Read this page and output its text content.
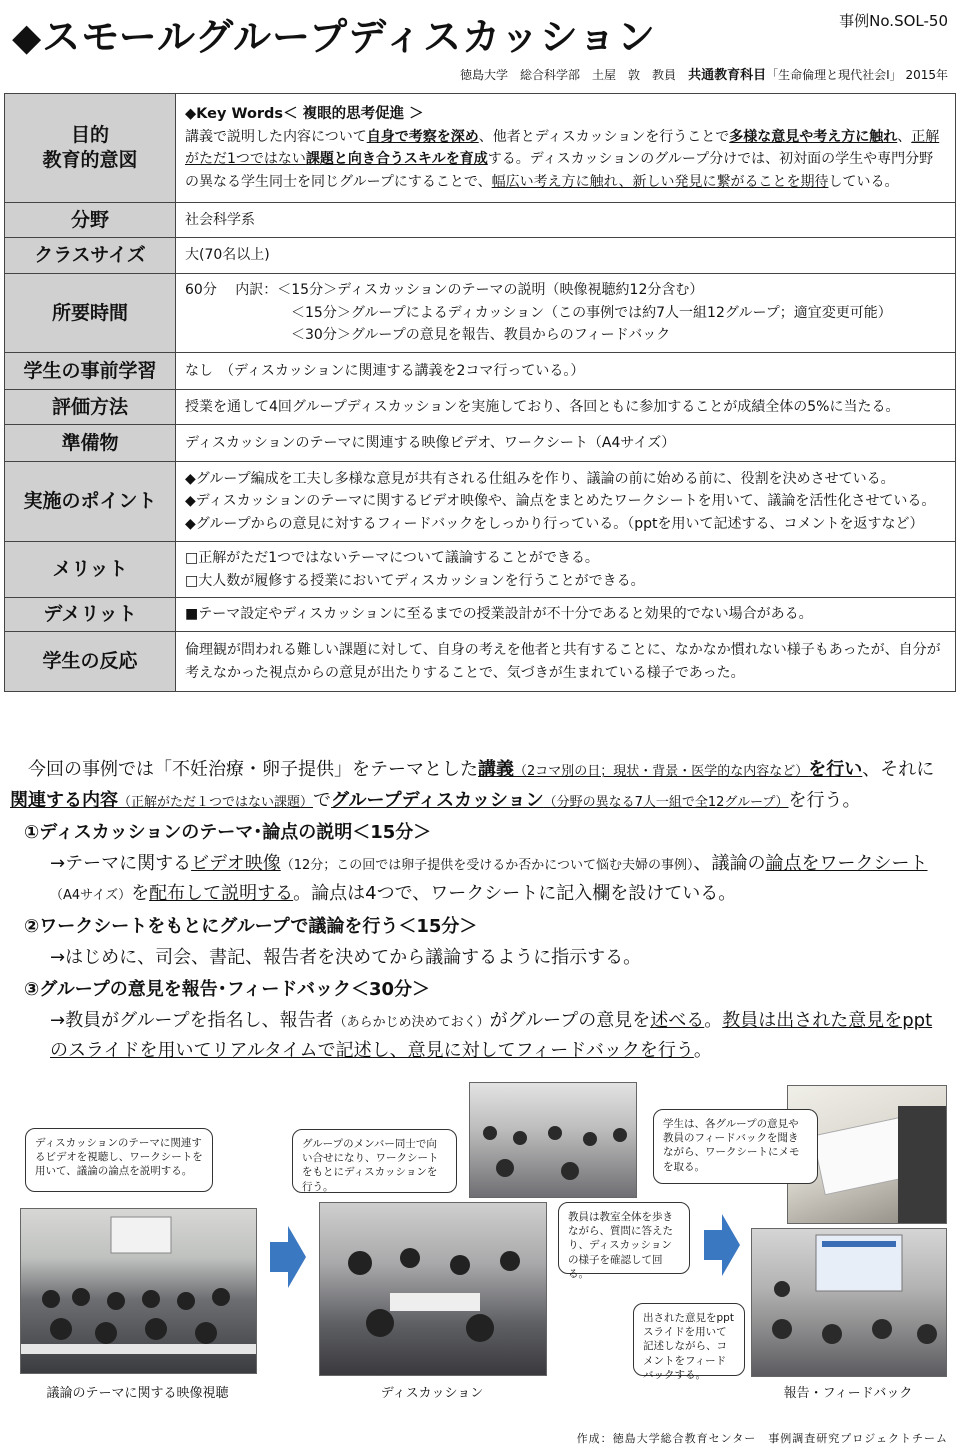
◆スモールグループディスカッション	事例No.SOL-50
徳島大学　総合科学部　土屋　敦　教員　 共通教育科目「生命倫理と現代社会Ⅰ」 2015年
目的
教育的意図	◆Key Words＜ 複眼的思考促進 ＞
講義で説明した内容について自身で考察を深め、他者とディスカッションを行うことで多様な意見や考え方に触れ、正解がただ1つではない課題と向き合うスキルを育成する。ディスカッションのグループ分けでは、初対面の学生や専門分野の異なる学生同士を同じグループにすることで、幅広い考え方に触れ、新しい発見に繋がることを期待している。
分野	社会科学系
クラスサイズ	大(70名以上)
所要時間	60分　 内訳：＜15分＞ディスカッションのテーマの説明（映像視聴約12分含む）
＜15分＞グループによるディカッション（この事例では約7人一組12グループ；適宜変更可能）
＜30分＞グループの意見を報告、教員からのフィードバック

学生の事前学習	なし　（ディスカッションに関連する講義を2コマ行っている。）
評価方法	授業を通して4回グループディスカッションを実施しており、各回ともに参加することが成績全体の5%に当たる。
準備物	ディスカッションのテーマに関連する映像ビデオ、ワークシート（A4サイズ）
実施のポイント	◆グループ編成を工夫し多様な意見が共有される仕組みを作り、議論の前に始める前に、役割を決めさせている。
◆ディスカッションのテーマに関するビデオ映像や、論点をまとめたワークシートを用いて、議論を活性化させている。
◆グループからの意見に対するフィードバックをしっかり行っている。（pptを用いて記述する、コメントを返すなど）

メリット	□正解がただ1つではないテーマについて議論することができる。
□大人数が履修する授業においてディスカッションを行うことができる。

デメリット	■テーマ設定やディスカッションに至るまでの授業設計が不十分であると効果的でない場合がある。
学生の反応	倫理観が問われる難しい課題に対して、自身の考えを他者と共有することに、なかなか慣れない様子もあったが、自分が考えなかった視点からの意見が出たりすることで、気づきが生まれている様子であった。

今回の事例では「不妊治療・卵子提供」をテーマとした講義（2コマ別の日；現状・背景・医学的な内容など）を行い、それに関連する内容（正解がただ１つではない課題）でグループディスカッション（分野の異なる7人一組で全12グループ）を行う。

①ディスカッションのテーマ･論点の説明＜15分＞

→テーマに関するビデオ映像（12分；この回では卵子提供を受けるか否かについて悩む夫婦の事例）、議論の論点をワークシート（A4サイズ）を配布して説明する。論点は4つで、ワークシートに記入欄を設けている。

②ワークシートをもとにグループで議論を行う＜15分＞

→はじめに、司会、書記、報告者を決めてから議論するように指示する。

③グループの意見を報告･フィードバック＜30分＞

→教員がグループを指名し、報告者（あらかじめ決めておく）がグループの意見を述べる。教員は出された意見をpptのスライドを用いてリアルタイムで記述し、意見に対してフィードバックを行う。

ディスカッションのテーマに関連するビデオを視聴し、ワークシートを用いて、議論の論点を説明する。
グループのメンバー同士で向い合せになり、ワークシートをもとにディスカッションを行う。
教員は教室全体を歩きながら、質問に答えたり、ディスカッションの様子を確認して回る。
学生は、各グループの意見や教員のフィードバックを聞きながら、ワークシートにメモを取る。
出された意見をpptスライドを用いて記述しながら、コメントをフィードバックする。
議論のテーマに関する映像視聴	ディスカッション	報告・フィードバック
作成：徳島大学総合教育センター　事例調査研究プロジェクトチーム
